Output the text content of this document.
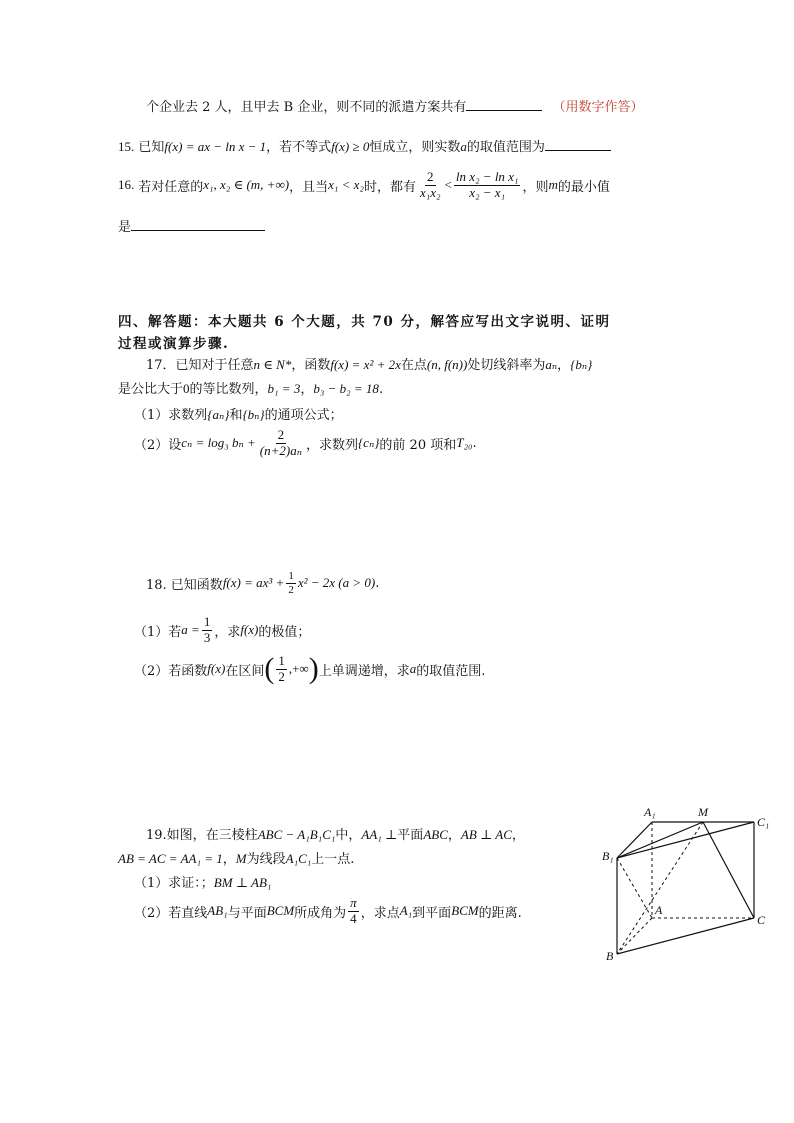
个企业去 2 人，且甲去 B 企业，则不同的派遣方案共有	（用数字作答）
15. 已知f(x) = ax − ln x − 1，若不等式f(x) ≥ 0恒成立，则实数a的取值范围为
16. 若对任意的 x₁, x₂ ∈ (m, +∞) ，且当 x₁ < x₂ 时，都有 $\frac{2}{\text{x₁x₂}} < \frac{\text{ln x₂ − ln x₁}}{\text{x₂ − x₁}}$ ，则 m 的最小值
是
四、解答题：本大题共 6 个大题，共 70 分，解答应写出文字说明、证明
过程或演算步骤.
17．已知对于任意n ∈ N*，函数f(x) = x² + 2x在点(n, f(n))处切线斜率为aₙ，{bₙ}
是公比大于0的等比数列，b₁ = 3，b₃ − b₂ = 18.
（1）求数列{aₙ}和{bₙ}的通项公式；
（2）设 cₙ = log₃ $b_n + \frac{2}{\text{(n+2)aₙ}}$ ，求数列 {cₙ} 的前 20 项和 T₂₀ .
18. 已知函数 $f(x) = ax^3 + \frac{1}{2} x^2 - 2x$ (a > 0) .
（1）若 $a = \frac{1}{3}$ ，求 f(x) 的极值；
（2）若函数 f(x) 在区间 ( $\frac{1}{2}$ ,+∞ ) 上单调递增，求 a 的取值范围.
19.如图，在三棱柱ABC − A₁B₁C₁中，AA₁ ⊥平面ABC，AB ⊥ AC，
AB = AC = AA₁ = 1，M为线段A₁C₁上一点.
（1）求证：；BM ⊥ AB₁
（2）若直线 AB₁ 与平面 BCM 所成角为 $\frac{\pi}{4}$ ，求点 A₁ 到平面 BCM 的距离.
A₁	M
C₁
B₁
A
C
B
